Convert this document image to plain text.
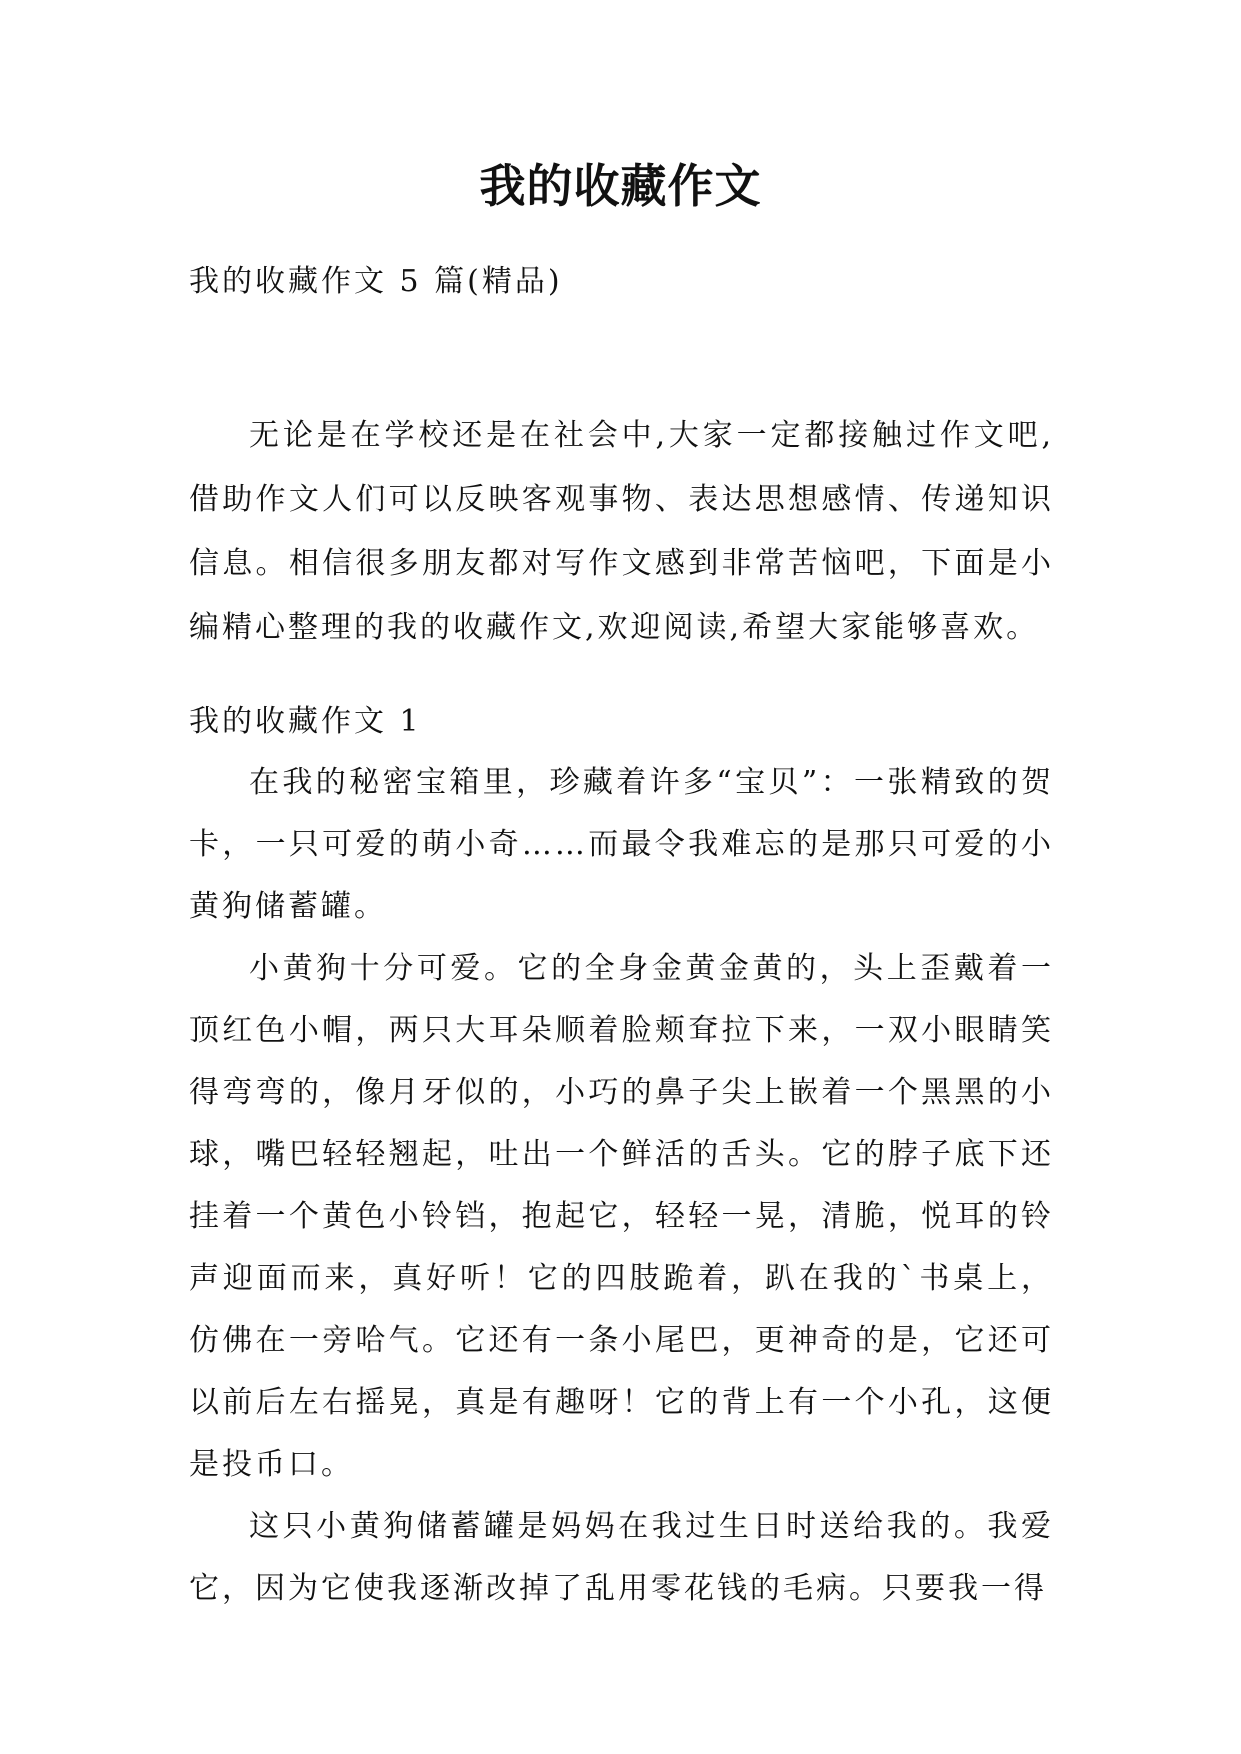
我的收藏作文
我的收藏作文 5 篇(精品)

无论是在学校还是在社会中,大家一定都接触过作文吧,借助作文人们可以反映客观事物、表达思想感情、传递知识信息。相信很多朋友都对写作文感到非常苦恼吧，下面是小编精心整理的我的收藏作文,欢迎阅读,希望大家能够喜欢。

我的收藏作文 1

在我的秘密宝箱里，珍藏着许多“宝贝”：一张精致的贺卡，一只可爱的萌小奇……而最令我难忘的是那只可爱的小黄狗储蓄罐。

小黄狗十分可爱。它的全身金黄金黄的，头上歪戴着一顶红色小帽，两只大耳朵顺着脸颊耷拉下来，一双小眼睛笑得弯弯的，像月牙似的，小巧的鼻子尖上嵌着一个黑黑的小球，嘴巴轻轻翘起，吐出一个鲜活的舌头。它的脖子底下还挂着一个黄色小铃铛，抱起它，轻轻一晃，清脆，悦耳的铃声迎面而来，真好听！它的四肢跪着，趴在我的`书桌上，仿佛在一旁哈气。它还有一条小尾巴，更神奇的是，它还可以前后左右摇晃，真是有趣呀！它的背上有一个小孔，这便是投币口。

这只小黄狗储蓄罐是妈妈在我过生日时送给我的。我爱它，因为它使我逐渐改掉了乱用零花钱的毛病。只要我一得
